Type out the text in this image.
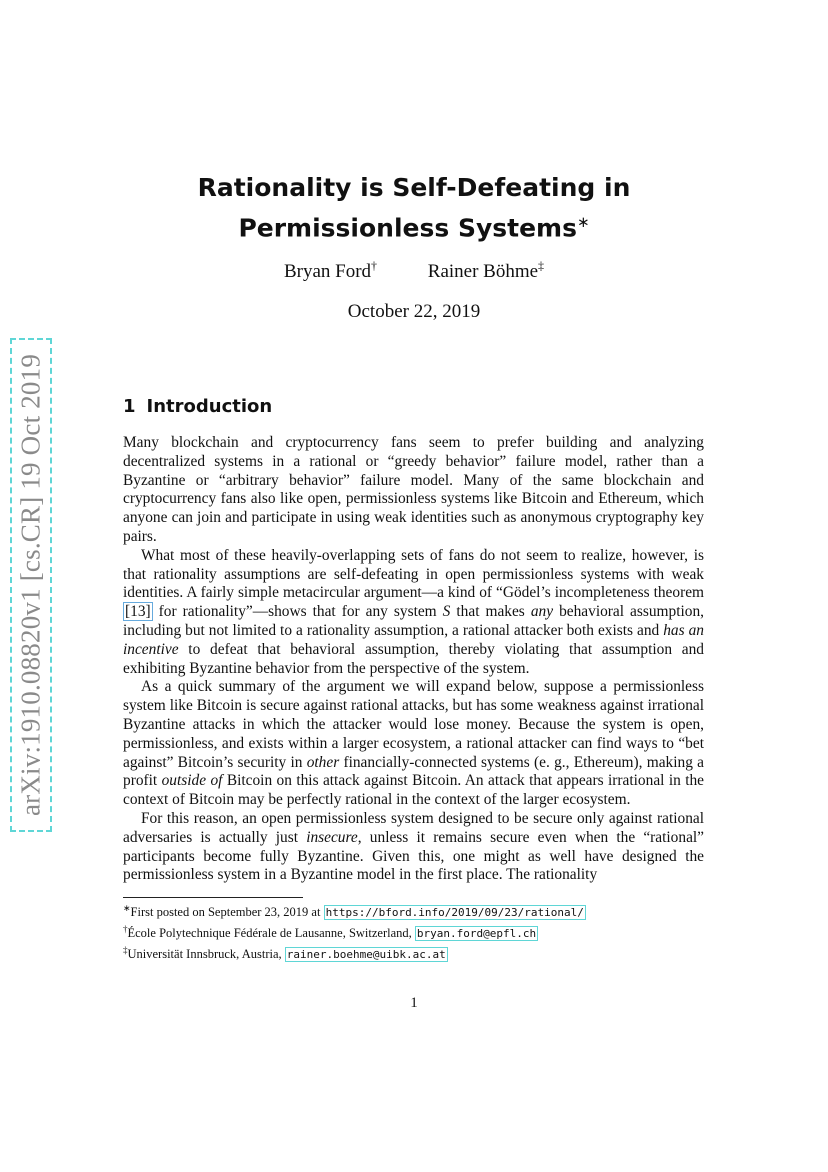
arXiv:1910.08820v1 [cs.CR] 19 Oct 2019
Rationality is Self-Defeating in
Permissionless Systems∗
Bryan Ford†	Rainer Böhme‡
October 22, 2019
1 Introduction

Many blockchain and cryptocurrency fans seem to prefer building and analyzing decentralized systems in a rational or “greedy behavior” failure model, rather than a Byzantine or “arbitrary behavior” failure model. Many of the same blockchain and cryptocurrency fans also like open, permissionless systems like Bitcoin and Ethereum, which anyone can join and participate in using weak identities such as anonymous cryptography key pairs.

What most of these heavily-overlapping sets of fans do not seem to realize, however, is that rationality assumptions are self-defeating in open permissionless systems with weak identities. A fairly simple metacircular argument—a kind of “Gödel’s incompleteness theorem [13] for rationality”—shows that for any system S that makes any behavioral assumption, including but not limited to a rationality assumption, a rational attacker both exists and has an incentive to defeat that behavioral assumption, thereby violating that assumption and exhibiting Byzantine behavior from the perspective of the system.

As a quick summary of the argument we will expand below, suppose a permissionless system like Bitcoin is secure against rational attacks, but has some weakness against irrational Byzantine attacks in which the attacker would lose money. Because the system is open, permissionless, and exists within a larger ecosystem, a rational attacker can find ways to “bet against” Bitcoin’s security in other financially-connected systems (e. g., Ethereum), making a profit outside of Bitcoin on this attack against Bitcoin. An attack that appears irrational in the context of Bitcoin may be perfectly rational in the context of the larger ecosystem.

For this reason, an open permissionless system designed to be secure only against rational adversaries is actually just insecure, unless it remains secure even when the “rational” participants become fully Byzantine. Given this, one might as well have designed the permissionless system in a Byzantine model in the first place. The rationality

∗First posted on September 23, 2019 at https://bford.info/2019/09/23/rational/
†École Polytechnique Fédérale de Lausanne, Switzerland, bryan.ford@epfl.ch
‡Universität Innsbruck, Austria, rainer.boehme@uibk.ac.at
1
